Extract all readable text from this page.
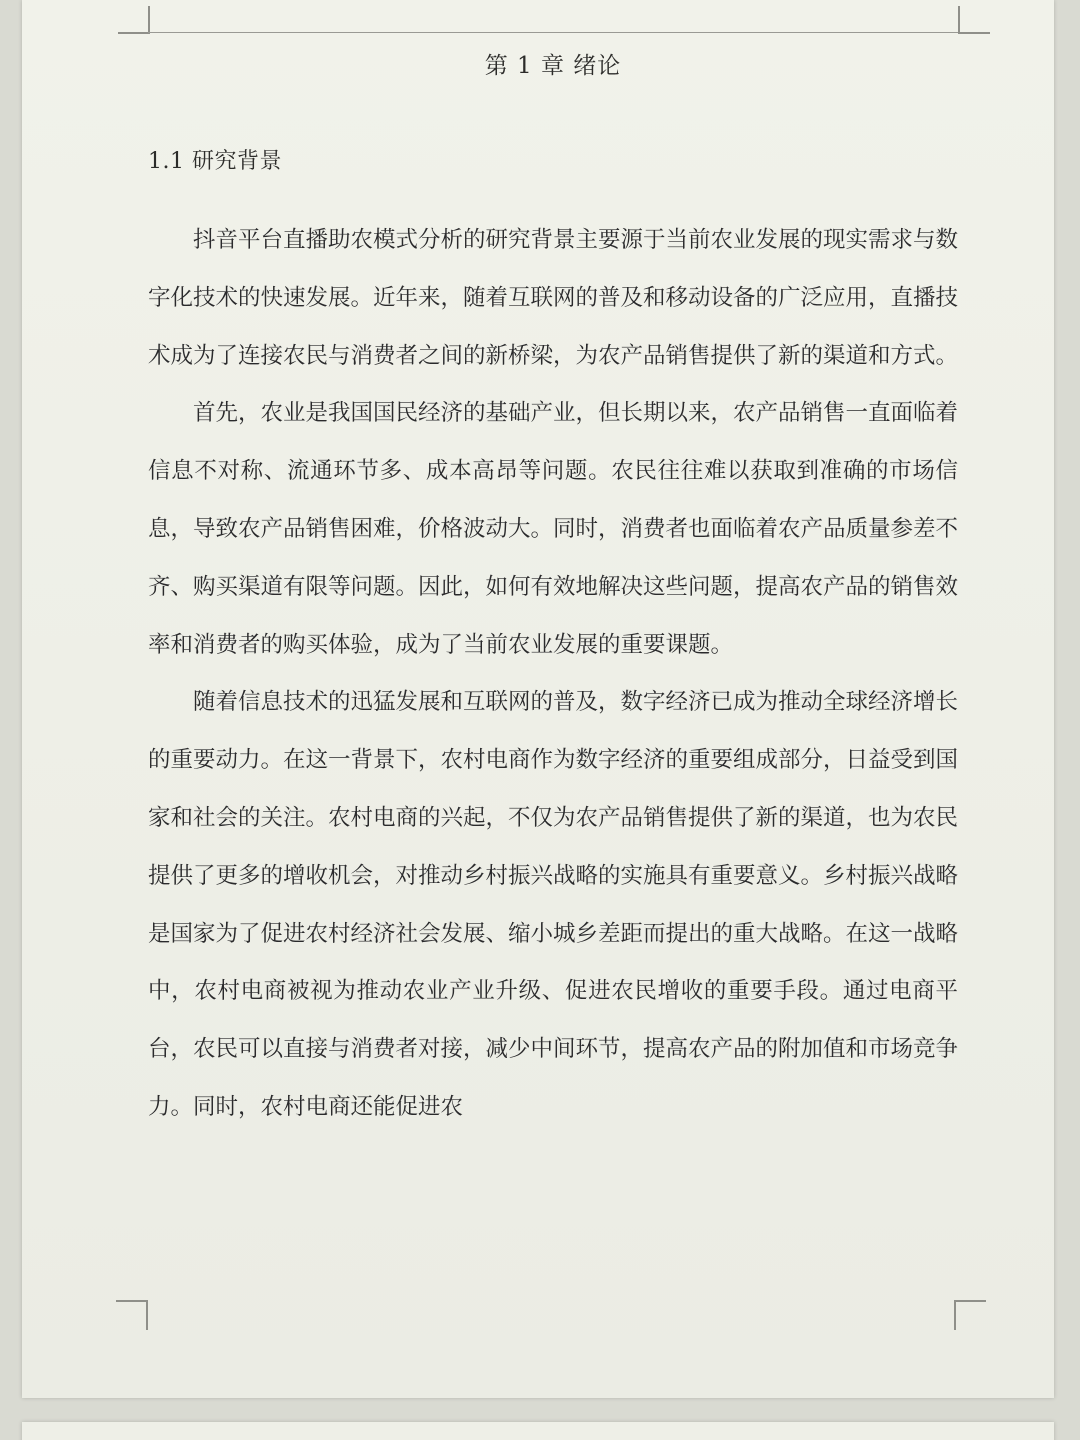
第 1 章 绪论
1.1 研究背景

抖音平台直播助农模式分析的研究背景主要源于当前农业发展的现实需求与数字化技术的快速发展。近年来，随着互联网的普及和移动设备的广泛应用，直播技术成为了连接农民与消费者之间的新桥梁，为农产品销售提供了新的渠道和方式。

首先，农业是我国国民经济的基础产业，但长期以来，农产品销售一直面临着信息不对称、流通环节多、成本高昂等问题。农民往往难以获取到准确的市场信息，导致农产品销售困难，价格波动大。同时，消费者也面临着农产品质量参差不齐、购买渠道有限等问题。因此，如何有效地解决这些问题，提高农产品的销售效率和消费者的购买体验，成为了当前农业发展的重要课题。

随着信息技术的迅猛发展和互联网的普及，数字经济已成为推动全球经济增长的重要动力。在这一背景下，农村电商作为数字经济的重要组成部分，日益受到国家和社会的关注。农村电商的兴起，不仅为农产品销售提供了新的渠道，也为农民提供了更多的增收机会，对推动乡村振兴战略的实施具有重要意义。乡村振兴战略是国家为了促进农村经济社会发展、缩小城乡差距而提出的重大战略。在这一战略中，农村电商被视为推动农业产业升级、促进农民增收的重要手段。通过电商平台，农民可以直接与消费者对接，减少中间环节，提高农产品的附加值和市场竞争力。同时，农村电商还能促进农
